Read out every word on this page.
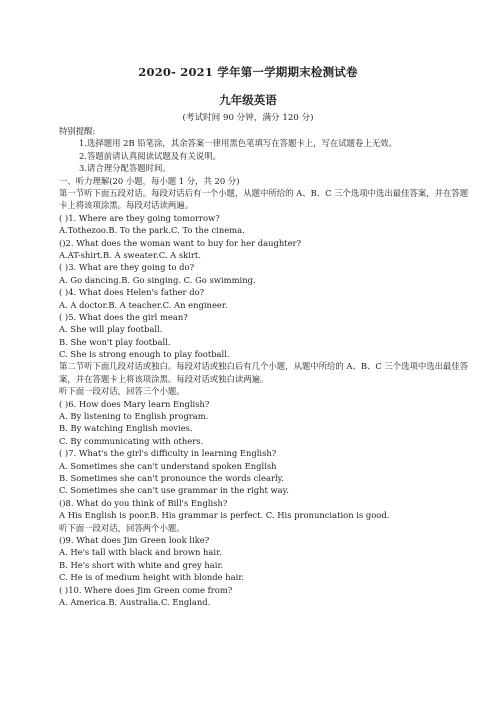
2020- 2021 学年第一学期期末检测试卷
九年级英语
(考试时间 90 分钟，满分 120 分)
特别提醒:
1.选择题用 2B 铅笔涂，其余答案一律用黑色笔填写在答题卡上，写在试题卷上无效。
2.答题前请认真阅读试题及有关说明。
3.请合理分配答题时间。
一、听力理解(20 小题，每小题 1 分，共 20 分)
第一节听下面五段对话。每段对话后有一个小题，从题中所给的 A、B、C 三个选项中选出最佳答案，并在答题卡上将该项涂黑。每段对话读两遍。
( )1. Where are they going tomorrow?
A.Tothezoo.B. To the park.C. To the cinema.
()2. What does the woman want to buy for her daughter?
A.AT-shirt.B. A sweater.C. A skirt.
( )3. What are they going to do?
A. Go dancing.B. Go singing. C. Go swimming.
( )4. What does Helen's father do?
A. A doctor.B. A teacher.C. An engineer.
( )5. What does the girl mean?
A. She will play football.
B. She won't play football.
C. She is strong enough to play football.
第二节听下面几段对话或独白。每段对话或独白后有几个小题，从题中所给的 A、B、C 三个选项中选出最佳答案，并在答题卡上将该项涂黑。每段对话或独白读两遍。
听下面一段对话，回答三个小题。
( )6. How does Mary learn English?
A. By listening to English program.
B. By watching English movies.
C. By communicating with others.
( )7. What's the girl's difficulty in learning English?
A. Sometimes she can't understand spoken English
B. Sometimes she can't pronounce the words clearly.
C. Sometimes she can't use grammar in the right way.
()8. What do you think of Bill's English?
A His English is poor.B. His grammar is perfect. C. His pronunciation is good.
听下面一段对话，回答两个小题。
()9. What does Jim Green look like?
A. He's tall with black and brown hair.
B. He's short with white and grey hair.
C. He is of medium height with blonde hair.
( )10. Where does Jim Green come from?
A. America.B. Australia.C. England.
